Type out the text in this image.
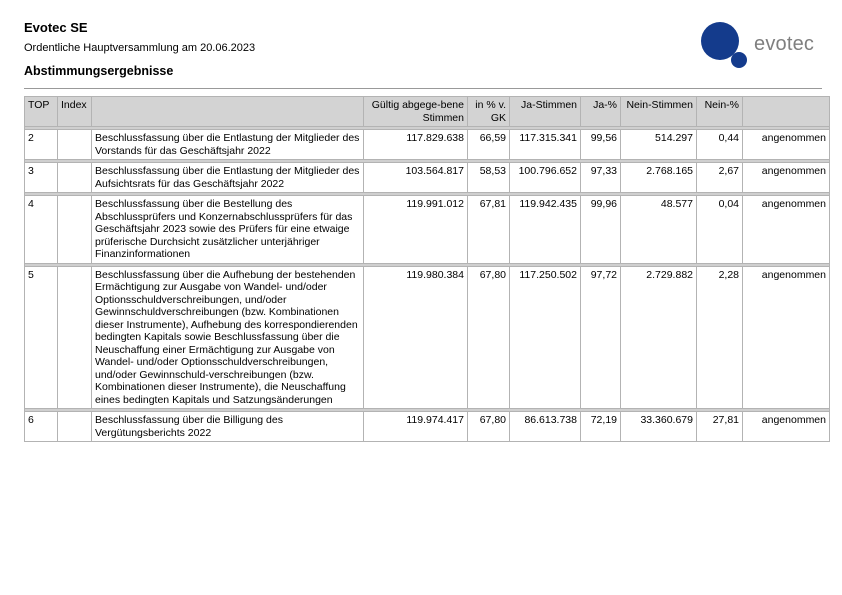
Evotec SE
Ordentliche Hauptversammlung am 20.06.2023
Abstimmungsergebnisse
evotec
TOP	Index		Gültig abgege-bene Stimmen	in % v. GK	Ja-Stimmen	Ja-%	Nein-Stimmen	Nein-%	

2		Beschlussfassung über die Entlastung der Mitglieder des Vorstands für das Geschäftsjahr 2022	117.829.638	66,59	117.315.341	99,56	514.297	0,44	angenommen

3		Beschlussfassung über die Entlastung der Mitglieder des Aufsichtsrats für das Geschäftsjahr 2022	103.564.817	58,53	100.796.652	97,33	2.768.165	2,67	angenommen

4		Beschlussfassung über die Bestellung des Abschlussprüfers und Konzernabschlussprüfers für das Geschäftsjahr 2023 sowie des Prüfers für eine etwaige prüferische Durchsicht zusätzlicher unterjähriger Finanzinformationen	119.991.012	67,81	119.942.435	99,96	48.577	0,04	angenommen

5		Beschlussfassung über die Aufhebung der bestehenden Ermächtigung zur Ausgabe von Wandel- und/oder Optionsschuldverschreibungen, und/oder Gewinnschuldverschreibungen (bzw. Kombinationen dieser Instrumente), Aufhebung des korrespondierenden bedingten Kapitals sowie Beschlussfassung über die Neuschaffung einer Ermächtigung zur Ausgabe von Wandel- und/oder Optionsschuldverschreibungen, und/oder Gewinnschuld-verschreibungen (bzw. Kombinationen dieser Instrumente), die Neuschaffung eines bedingten Kapitals und Satzungsänderungen	119.980.384	67,80	117.250.502	97,72	2.729.882	2,28	angenommen

6		Beschlussfassung über die Billigung des Vergütungsberichts 2022	119.974.417	67,80	86.613.738	72,19	33.360.679	27,81	angenommen
